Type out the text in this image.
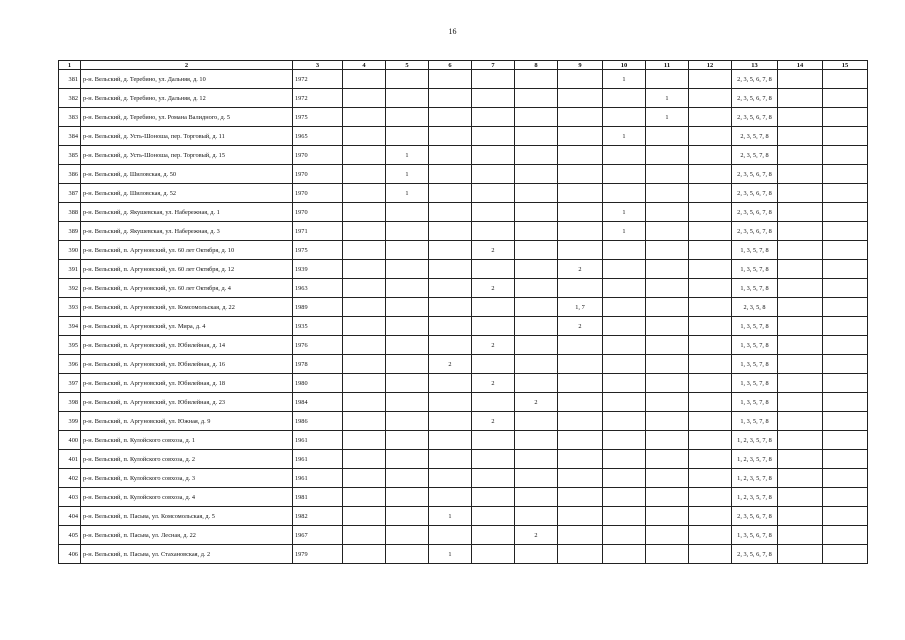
16
1	2	3	4	5	6	7	8	9	10	11	12	13	14	15
381	р-н. Вельский, д. Теребино, ул. Дальняя, д. 10	1972							1			2, 3, 5, 6, 7, 8		
382	р-н. Вельский, д. Теребино, ул. Дальняя, д. 12	1972								1		2, 3, 5, 6, 7, 8		
383	р-н. Вельский, д. Теребино, ул. Романа Валидного, д. 5	1975								1		2, 3, 5, 6, 7, 8		
384	р-н. Вельский, д. Усть-Шоноша, пер. Торговый, д. 11	1965							1			2, 3, 5, 7, 8		
385	р-н. Вельский, д. Усть-Шоноша, пер. Торговый, д. 15	1970		1								2, 3, 5, 7, 8		
386	р-н. Вельский, д. Шиловская, д. 50	1970		1								2, 3, 5, 6, 7, 8		
387	р-н. Вельский, д. Шиловская, д. 52	1970		1								2, 3, 5, 6, 7, 8		
388	р-н. Вельский, д. Якушевская, ул. Набережная, д. 1	1970							1			2, 3, 5, 6, 7, 8		
389	р-н. Вельский, д. Якушевская, ул. Набережная, д. 3	1971							1			2, 3, 5, 6, 7, 8		
390	р-н. Вельский, п. Аргуновский, ул. 60 лет Октября, д. 10	1975				2						1, 3, 5, 7, 8		
391	р-н. Вельский, п. Аргуновский, ул. 60 лет Октября, д. 12	1939						2				1, 3, 5, 7, 8		
392	р-н. Вельский, п. Аргуновский, ул. 60 лет Октября, д. 4	1963				2						1, 3, 5, 7, 8		
393	р-н. Вельский, п. Аргуновский, ул. Комсомольская, д. 22	1989						1, 7				2, 3, 5, 8		
394	р-н. Вельский, п. Аргуновский, ул. Мира, д. 4	1935						2				1, 3, 5, 7, 8		
395	р-н. Вельский, п. Аргуновский, ул. Юбилейная, д. 14	1976				2						1, 3, 5, 7, 8		
396	р-н. Вельский, п. Аргуновский, ул. Юбилейная, д. 16	1978			2							1, 3, 5, 7, 8		
397	р-н. Вельский, п. Аргуновский, ул. Юбилейная, д. 18	1980				2						1, 3, 5, 7, 8		
398	р-н. Вельский, п. Аргуновский, ул. Юбилейная, д. 23	1984					2					1, 3, 5, 7, 8		
399	р-н. Вельский, п. Аргуновский, ул. Южная, д. 9	1986				2						1, 3, 5, 7, 8		
400	р-н. Вельский, п. Кулойского совхоза, д. 1	1961										1, 2, 3, 5, 7, 8		
401	р-н. Вельский, п. Кулойского совхоза, д. 2	1961										1, 2, 3, 5, 7, 8		
402	р-н. Вельский, п. Кулойского совхоза, д. 3	1961										1, 2, 3, 5, 7, 8		
403	р-н. Вельский, п. Кулойского совхоза, д. 4	1981										1, 2, 3, 5, 7, 8		
404	р-н. Вельский, п. Пасьва, ул. Комсомольская, д. 5	1982			1							2, 3, 5, 6, 7, 8		
405	р-н. Вельский, п. Пасьва, ул. Лесная, д. 22	1967					2					1, 3, 5, 6, 7, 8		
406	р-н. Вельский, п. Пасьва, ул. Стахановская, д. 2	1979			1							2, 3, 5, 6, 7, 8		
